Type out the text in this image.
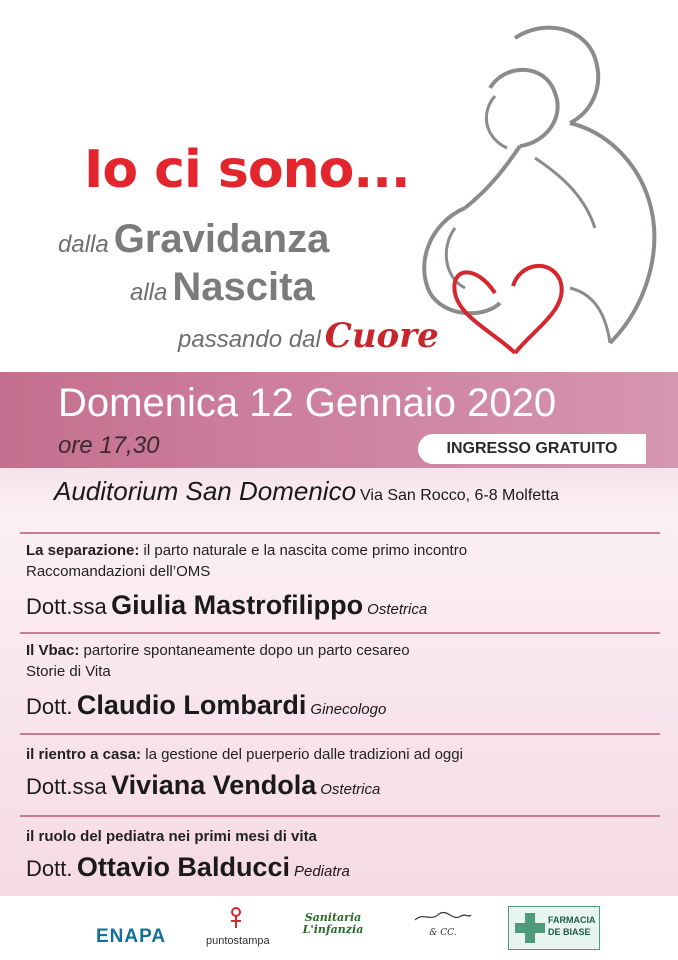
Io ci sono...
dalla Gravidanza
alla Nascita
passando dal Cuore
Domenica 12 Gennaio 2020
ore 17,30	INGRESSO GRATUITO
Auditorium San Domenico Via San Rocco, 6-8 Molfetta
La separazione: il parto naturale e la nascita come primo incontro
Raccomandazioni dell’OMS
Dott.ssa Giulia Mastrofilippo Ostetrica
Il Vbac: partorire spontaneamente dopo un parto cesareo
Storie di Vita
Dott. Claudio Lombardi Ginecologo
il rientro a casa: la gestione del puerperio dalle tradizioni ad oggi
Dott.ssa Viviana Vendola Ostetrica
il ruolo del pediatra nei primi mesi di vita
Dott. Ottavio Balducci Pediatra
ENAPA	puntostampa
Sanitaria
L'infanzia	& CC.
FARMACIA
DE BIASE
